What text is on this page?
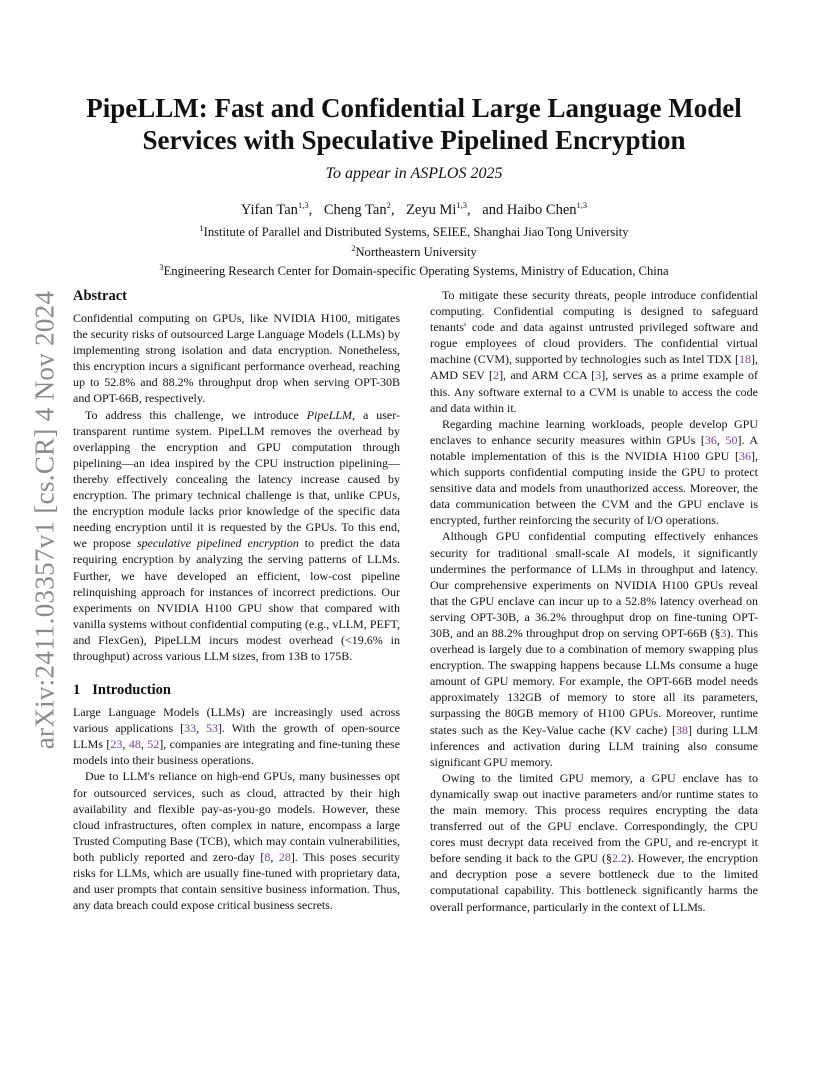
arXiv:2411.03357v1 [cs.CR] 4 Nov 2024
PipeLLM: Fast and Confidential Large Language Model
Services with Speculative Pipelined Encryption
To appear in ASPLOS 2025
Yifan Tan$^{1,3}$, Cheng Tan$^2$, Zeyu Mi$^{1,3}$, and Haibo Chen$^{1,3}$
$^1$Institute of Parallel and Distributed Systems, SEIEE, Shanghai Jiao Tong University
$^2$Northeastern University
$^3$Engineering Research Center for Domain-specific Operating Systems, Ministry of Education, China
Abstract

Confidential computing on GPUs, like NVIDIA H100, mitigates the security risks of outsourced Large Language Models (LLMs) by implementing strong isolation and data encryption. Nonetheless, this encryption incurs a significant performance overhead, reaching up to 52.8% and 88.2% throughput drop when serving OPT-30B and OPT-66B, respectively.

To address this challenge, we introduce PipeLLM, a user-transparent runtime system. PipeLLM removes the overhead by overlapping the encryption and GPU computation through pipelining—an idea inspired by the CPU instruction pipelining—thereby effectively concealing the latency increase caused by encryption. The primary technical challenge is that, unlike CPUs, the encryption module lacks prior knowledge of the specific data needing encryption until it is requested by the GPUs. To this end, we propose speculative pipelined encryption to predict the data requiring encryption by analyzing the serving patterns of LLMs. Further, we have developed an efficient, low-cost pipeline relinquishing approach for instances of incorrect predictions. Our experiments on NVIDIA H100 GPU show that compared with vanilla systems without confidential computing (e.g., vLLM, PEFT, and FlexGen), PipeLLM incurs modest overhead (<19.6% in throughput) across various LLM sizes, from 13B to 175B.

1 Introduction

Large Language Models (LLMs) are increasingly used across various applications [33, 53]. With the growth of open-source LLMs [23, 48, 52], companies are integrating and fine-tuning these models into their business operations.

Due to LLM's reliance on high-end GPUs, many businesses opt for outsourced services, such as cloud, attracted by their high availability and flexible pay-as-you-go models. However, these cloud infrastructures, often complex in nature, encompass a large Trusted Computing Base (TCB), which may contain vulnerabilities, both publicly reported and zero-day [8, 28]. This poses security risks for LLMs, which are usually fine-tuned with proprietary data, and user prompts that contain sensitive business information. Thus, any data breach could expose critical business secrets.

To mitigate these security threats, people introduce confidential computing. Confidential computing is designed to safeguard tenants' code and data against untrusted privileged software and rogue employees of cloud providers. The confidential virtual machine (CVM), supported by technologies such as Intel TDX [18], AMD SEV [2], and ARM CCA [3], serves as a prime example of this. Any software external to a CVM is unable to access the code and data within it.

Regarding machine learning workloads, people develop GPU enclaves to enhance security measures within GPUs [36, 50]. A notable implementation of this is the NVIDIA H100 GPU [36], which supports confidential computing inside the GPU to protect sensitive data and models from unauthorized access. Moreover, the data communication between the CVM and the GPU enclave is encrypted, further reinforcing the security of I/O operations.

Although GPU confidential computing effectively enhances security for traditional small-scale AI models, it significantly undermines the performance of LLMs in throughput and latency. Our comprehensive experiments on NVIDIA H100 GPUs reveal that the GPU enclave can incur up to a 52.8% latency overhead on serving OPT-30B, a 36.2% throughput drop on fine-tuning OPT-30B, and an 88.2% throughput drop on serving OPT-66B (§3). This overhead is largely due to a combination of memory swapping plus encryption. The swapping happens because LLMs consume a huge amount of GPU memory. For example, the OPT-66B model needs approximately 132GB of memory to store all its parameters, surpassing the 80GB memory of H100 GPUs. Moreover, runtime states such as the Key-Value cache (KV cache) [38] during LLM inferences and activation during LLM training also consume significant GPU memory.

Owing to the limited GPU memory, a GPU enclave has to dynamically swap out inactive parameters and/or runtime states to the main memory. This process requires encrypting the data transferred out of the GPU enclave. Correspondingly, the CPU cores must decrypt data received from the GPU, and re-encrypt it before sending it back to the GPU (§2.2). However, the encryption and decryption pose a severe bottleneck due to the limited computational capability. This bottleneck significantly harms the overall performance, particularly in the context of LLMs.
